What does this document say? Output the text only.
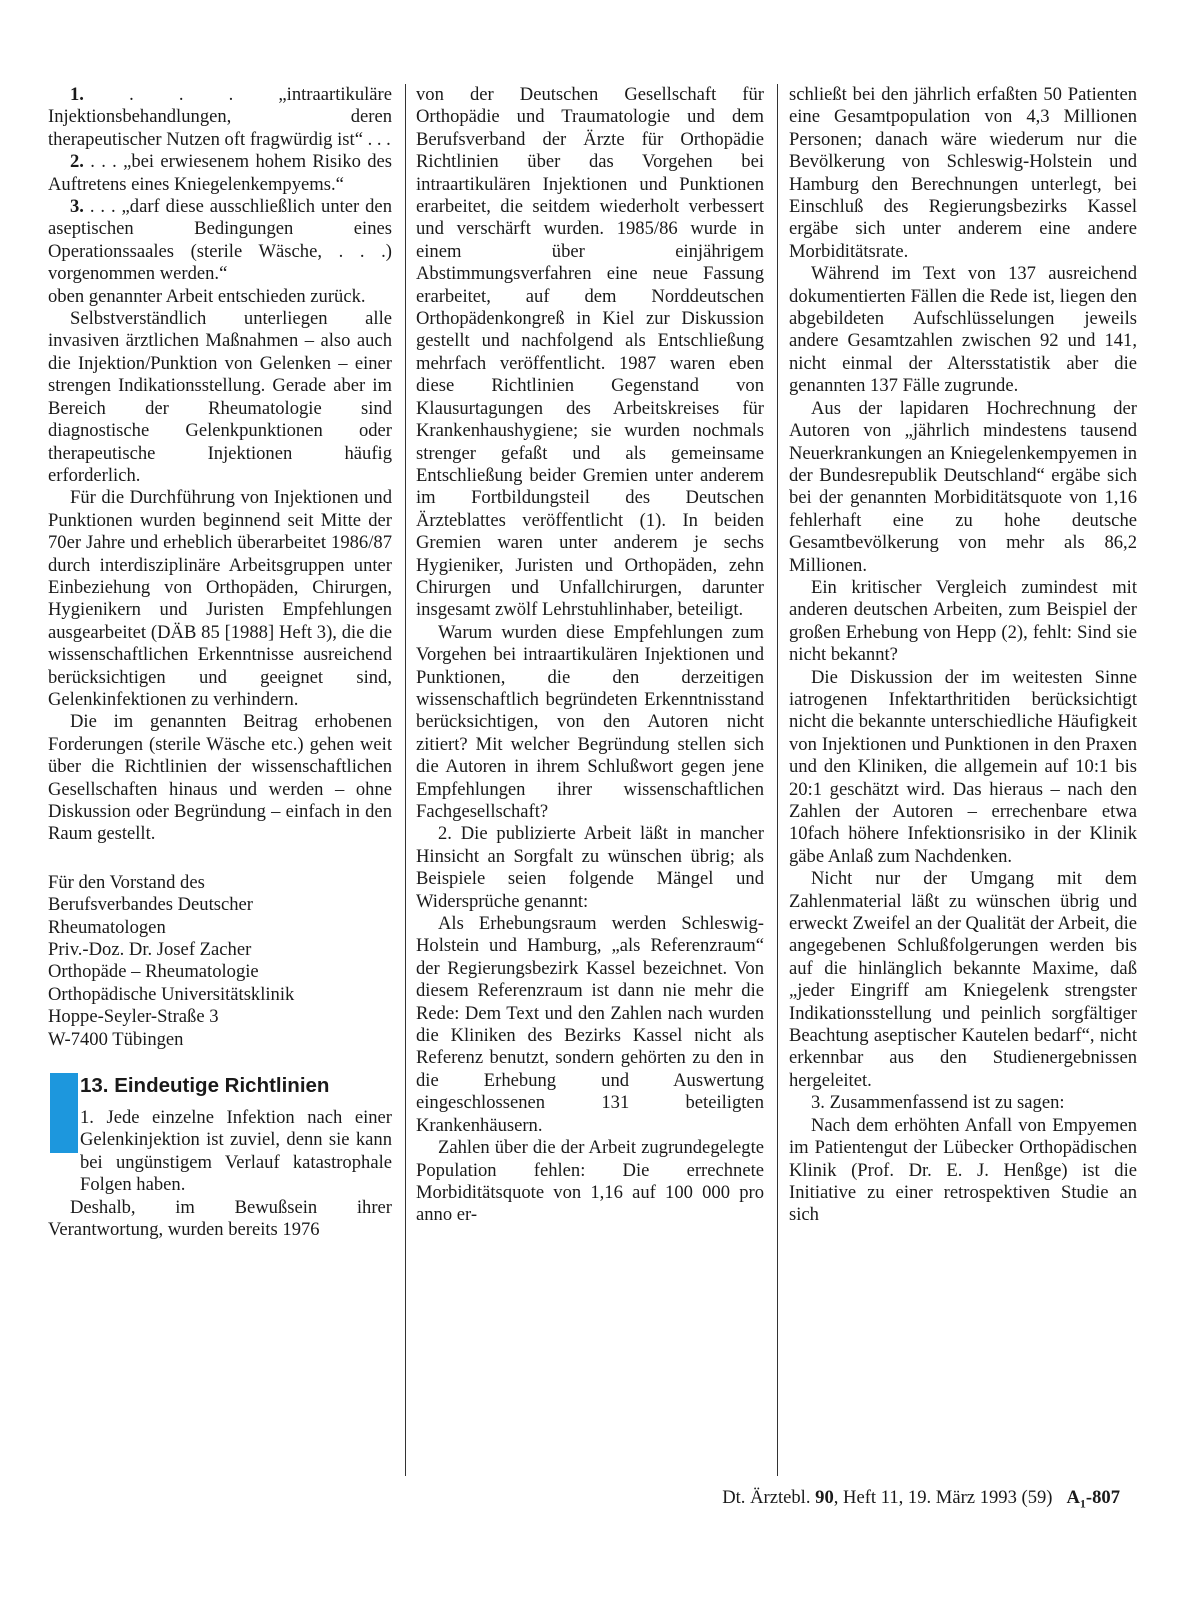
1. . . . „intraartikuläre Injektionsbehandlungen, deren therapeutischer Nutzen oft fragwürdig ist“ . . .

2. . . . „bei erwiesenem hohem Risiko des Auftretens eines Kniegelenkempyems.“

3. . . . „darf diese ausschließlich unter den aseptischen Bedingungen eines Operationssaales (sterile Wäsche, . . .) vorgenommen werden.“

oben genannter Arbeit entschieden zurück.

Selbstverständlich unterliegen alle invasiven ärztlichen Maßnahmen – also auch die Injektion/Punktion von Gelenken – einer strengen Indikationsstellung. Gerade aber im Bereich der Rheumatologie sind diagnostische Gelenkpunktionen oder therapeutische Injektionen häufig erforderlich.

Für die Durchführung von Injektionen und Punktionen wurden beginnend seit Mitte der 70er Jahre und erheblich überarbeitet 1986/87 durch interdisziplinäre Arbeitsgruppen unter Einbeziehung von Orthopäden, Chirurgen, Hygienikern und Juristen Empfehlungen ausgearbeitet (DÄB 85 [1988] Heft 3), die die wissenschaftlichen Erkenntnisse ausreichend berücksichtigen und geeignet sind, Gelenkinfektionen zu verhindern.

Die im genannten Beitrag erhobenen Forderungen (sterile Wäsche etc.) gehen weit über die Richtlinien der wissenschaftlichen Gesellschaften hinaus und werden – ohne Diskussion oder Begründung – einfach in den Raum gestellt.

Für den Vorstand des

Berufsverbandes Deutscher

Rheumatologen

Priv.-Doz. Dr. Josef Zacher

Orthopäde – Rheumatologie

Orthopädische Universitätsklinik

Hoppe-Seyler-Straße 3

W-7400 Tübingen

13. Eindeutige Richtlinien

1. Jede einzelne Infektion nach einer Gelenkinjektion ist zuviel, denn sie kann bei ungünstigem Verlauf katastrophale Folgen haben.

Deshalb, im Bewußsein ihrer Verantwortung, wurden bereits 1976

von der Deutschen Gesellschaft für Orthopädie und Traumatologie und dem Berufsverband der Ärzte für Orthopädie Richtlinien über das Vorgehen bei intraartikulären Injektionen und Punktionen erarbeitet, die seitdem wiederholt verbessert und verschärft wurden. 1985/86 wurde in einem über einjährigem Abstimmungsverfahren eine neue Fassung erarbeitet, auf dem Norddeutschen Orthopädenkongreß in Kiel zur Diskussion gestellt und nachfolgend als Entschließung mehrfach veröffentlicht. 1987 waren eben diese Richtlinien Gegenstand von Klausurtagungen des Arbeitskreises für Krankenhaushygiene; sie wurden nochmals strenger gefaßt und als gemeinsame Entschließung beider Gremien unter anderem im Fortbildungsteil des Deutschen Ärzteblattes veröffentlicht (1). In beiden Gremien waren unter anderem je sechs Hygieniker, Juristen und Orthopäden, zehn Chirurgen und Unfallchirurgen, darunter insgesamt zwölf Lehrstuhlinhaber, beteiligt.

Warum wurden diese Empfehlungen zum Vorgehen bei intraartikulären Injektionen und Punktionen, die den derzeitigen wissenschaftlich begründeten Erkenntnisstand berücksichtigen, von den Autoren nicht zitiert? Mit welcher Begründung stellen sich die Autoren in ihrem Schlußwort gegen jene Empfehlungen ihrer wissenschaftlichen Fachgesellschaft?

2. Die publizierte Arbeit läßt in mancher Hinsicht an Sorgfalt zu wünschen übrig; als Beispiele seien folgende Mängel und Widersprüche genannt:

Als Erhebungsraum werden Schleswig-Holstein und Hamburg, „als Referenzraum“ der Regierungsbezirk Kassel bezeichnet. Von diesem Referenzraum ist dann nie mehr die Rede: Dem Text und den Zahlen nach wurden die Kliniken des Bezirks Kassel nicht als Referenz benutzt, sondern gehörten zu den in die Erhebung und Auswertung eingeschlossenen 131 beteiligten Krankenhäusern.

Zahlen über die der Arbeit zugrundegelegte Population fehlen: Die errechnete Morbiditätsquote von 1,16 auf 100 000 pro anno er-

schließt bei den jährlich erfaßten 50 Patienten eine Gesamtpopulation von 4,3 Millionen Personen; danach wäre wiederum nur die Bevölkerung von Schleswig-Holstein und Hamburg den Berechnungen unterlegt, bei Einschluß des Regierungsbezirks Kassel ergäbe sich unter anderem eine andere Morbiditätsrate.

Während im Text von 137 ausreichend dokumentierten Fällen die Rede ist, liegen den abgebildeten Aufschlüsselungen jeweils andere Gesamtzahlen zwischen 92 und 141, nicht einmal der Altersstatistik aber die genannten 137 Fälle zugrunde.

Aus der lapidaren Hochrechnung der Autoren von „jährlich mindestens tausend Neuerkrankungen an Kniegelenkempyemen in der Bundesrepublik Deutschland“ ergäbe sich bei der genannten Morbiditätsquote von 1,16 fehlerhaft eine zu hohe deutsche Gesamtbevölkerung von mehr als 86,2 Millionen.

Ein kritischer Vergleich zumindest mit anderen deutschen Arbeiten, zum Beispiel der großen Erhebung von Hepp (2), fehlt: Sind sie nicht bekannt?

Die Diskussion der im weitesten Sinne iatrogenen Infektarthritiden berücksichtigt nicht die bekannte unterschiedliche Häufigkeit von Injektionen und Punktionen in den Praxen und den Kliniken, die allgemein auf 10:1 bis 20:1 geschätzt wird. Das hieraus – nach den Zahlen der Autoren – errechenbare etwa 10fach höhere Infektionsrisiko in der Klinik gäbe Anlaß zum Nachdenken.

Nicht nur der Umgang mit dem Zahlenmaterial läßt zu wünschen übrig und erweckt Zweifel an der Qualität der Arbeit, die angegebenen Schlußfolgerungen werden bis auf die hinlänglich bekannte Maxime, daß „jeder Eingriff am Kniegelenk strengster Indikationsstellung und peinlich sorgfältiger Beachtung aseptischer Kautelen bedarf“, nicht erkennbar aus den Studienergebnissen hergeleitet.

3. Zusammenfassend ist zu sagen:

Nach dem erhöhten Anfall von Empyemen im Patientengut der Lübecker Orthopädischen Klinik (Prof. Dr. E. J. Henßge) ist die Initiative zu einer retrospektiven Studie an sich

Dt. Ärztebl. 90, Heft 11, 19. März 1993 (59) $A_1-807$
